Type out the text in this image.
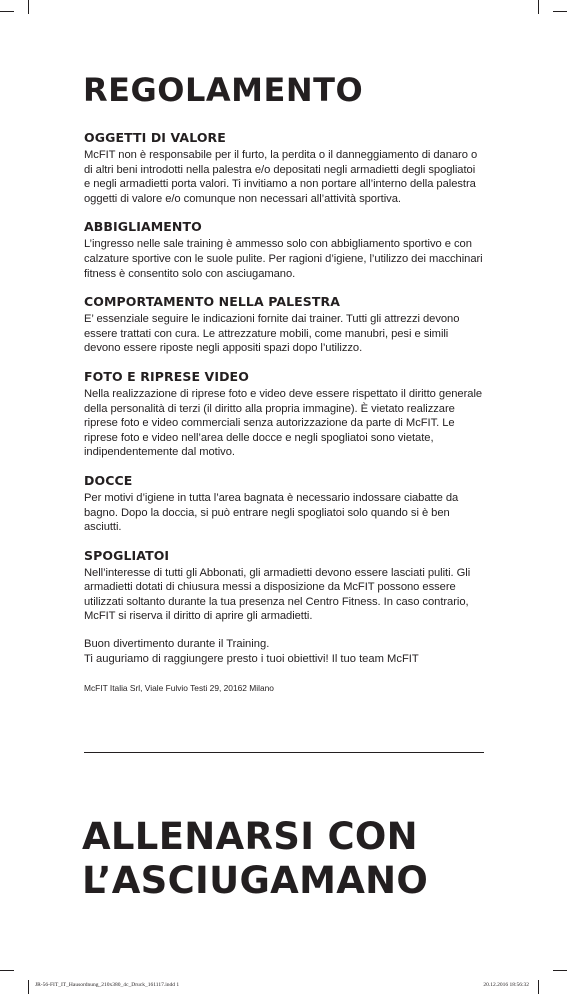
REGOLAMENTO
OGGETTI DI VALORE

McFIT non è responsabile per il furto, la perdita o il danneggiamento di danaro o di altri beni introdotti nella palestra e/o depositati negli armadietti degli spogliatoi e negli armadietti porta valori. Ti invitiamo a non portare all’interno della palestra oggetti di valore e/o comunque non necessari all’attività sportiva.

ABBIGLIAMENTO

L’ingresso nelle sale training è ammesso solo con abbigliamento sportivo e con calzature sportive con le suole pulite. Per ragioni d’igiene, l’utilizzo dei macchinari fitness è consentito solo con asciugamano.

COMPORTAMENTO NELLA PALESTRA

E’ essenziale seguire le indicazioni fornite dai trainer. Tutti gli attrezzi devono essere trattati con cura. Le attrezzature mobili, come manubri, pesi e simili devono essere riposte negli appositi spazi dopo l’utilizzo.

FOTO E RIPRESE VIDEO

Nella realizzazione di riprese foto e video deve essere rispettato il diritto generale della personalità di terzi (il diritto alla propria immagine). È vietato realizzare riprese foto e video commerciali senza autorizzazione da parte di McFIT. Le riprese foto e video nell’area delle docce e negli spogliatoi sono vietate, indipendentemente dal motivo.

DOCCE

Per motivi d’igiene in tutta l’area bagnata è necessario indossare ciabatte da bagno. Dopo la doccia, si può entrare negli spogliatoi solo quando si è ben asciutti.

SPOGLIATOI

Nell’interesse di tutti gli Abbonati, gli armadietti devono essere lasciati puliti. Gli armadietti dotati di chiusura messi a disposizione da McFIT possono essere utilizzati soltanto durante la tua presenza nel Centro Fitness. In caso contrario, McFIT si riserva il diritto di aprire gli armadietti.

Buon divertimento durante il Training.

Ti auguriamo di raggiungere presto i tuoi obiettivi! Il tuo team McFIT

McFIT Italia Srl, Viale Fulvio Testi 29, 20162 Milano

ALLENARSI CON
L’ASCIUGAMANO
JR-56-FIT_IT_Hausordnung_210x380_4c_Druck_161117.indd 1	20.12.2016 18:56:32
